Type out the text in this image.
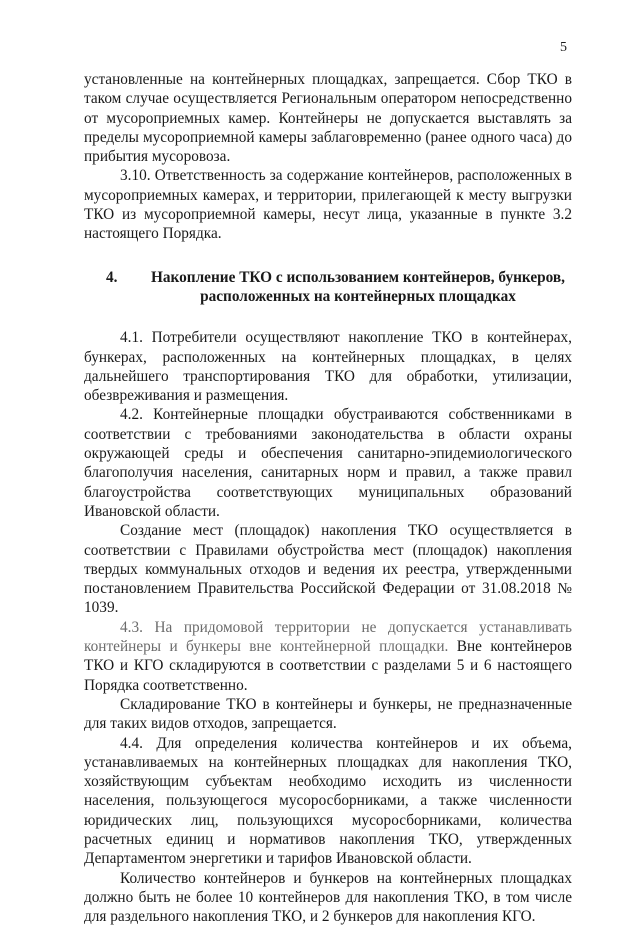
5

установленные на контейнерных площадках, запрещается. Сбор ТКО в таком случае осуществляется Региональным оператором непосредственно от мусороприемных камер. Контейнеры не допускается выставлять за пределы мусороприемной камеры заблаговременно (ранее одного часа) до прибытия мусоровоза.

3.10. Ответственность за содержание контейнеров, расположенных в мусороприемных камерах, и территории, прилегающей к месту выгрузки ТКО из мусороприемной камеры, несут лица, указанные в пункте 3.2 настоящего Порядка.

4.	Накопление ТКО с использованием контейнеров, бункеров, расположенных на контейнерных площадках

4.1. Потребители осуществляют накопление ТКО в контейнерах, бункерах, расположенных на контейнерных площадках, в целях дальнейшего транспортирования ТКО для обработки, утилизации, обезвреживания и размещения.

4.2. Контейнерные площадки обустраиваются собственниками в соответствии с требованиями законодательства в области охраны окружающей среды и обеспечения санитарно-эпидемиологического благополучия населения, санитарных норм и правил, а также правил благоустройства соответствующих муниципальных образований Ивановской области.

Создание мест (площадок) накопления ТКО осуществляется в соответствии с Правилами обустройства мест (площадок) накопления твердых коммунальных отходов и ведения их реестра, утвержденными постановлением Правительства Российской Федерации от 31.08.2018 № 1039.

4.3. На придомовой территории не допускается устанавливать контейнеры и бункеры вне контейнерной площадки. Вне контейнеров ТКО и КГО складируются в соответствии с разделами 5 и 6 настоящего Порядка соответственно.

Складирование ТКО в контейнеры и бункеры, не предназначенные для таких видов отходов, запрещается.

4.4. Для определения количества контейнеров и их объема, устанавливаемых на контейнерных площадках для накопления ТКО, хозяйствующим субъектам необходимо исходить из численности населения, пользующегося мусоросборниками, а также численности юридических лиц, пользующихся мусоросборниками, количества расчетных единиц и нормативов накопления ТКО, утвержденных Департаментом энергетики и тарифов Ивановской области.

Количество контейнеров и бункеров на контейнерных площадках должно быть не более 10 контейнеров для накопления ТКО, в том числе для раздельного накопления ТКО, и 2 бункеров для накопления КГО.
